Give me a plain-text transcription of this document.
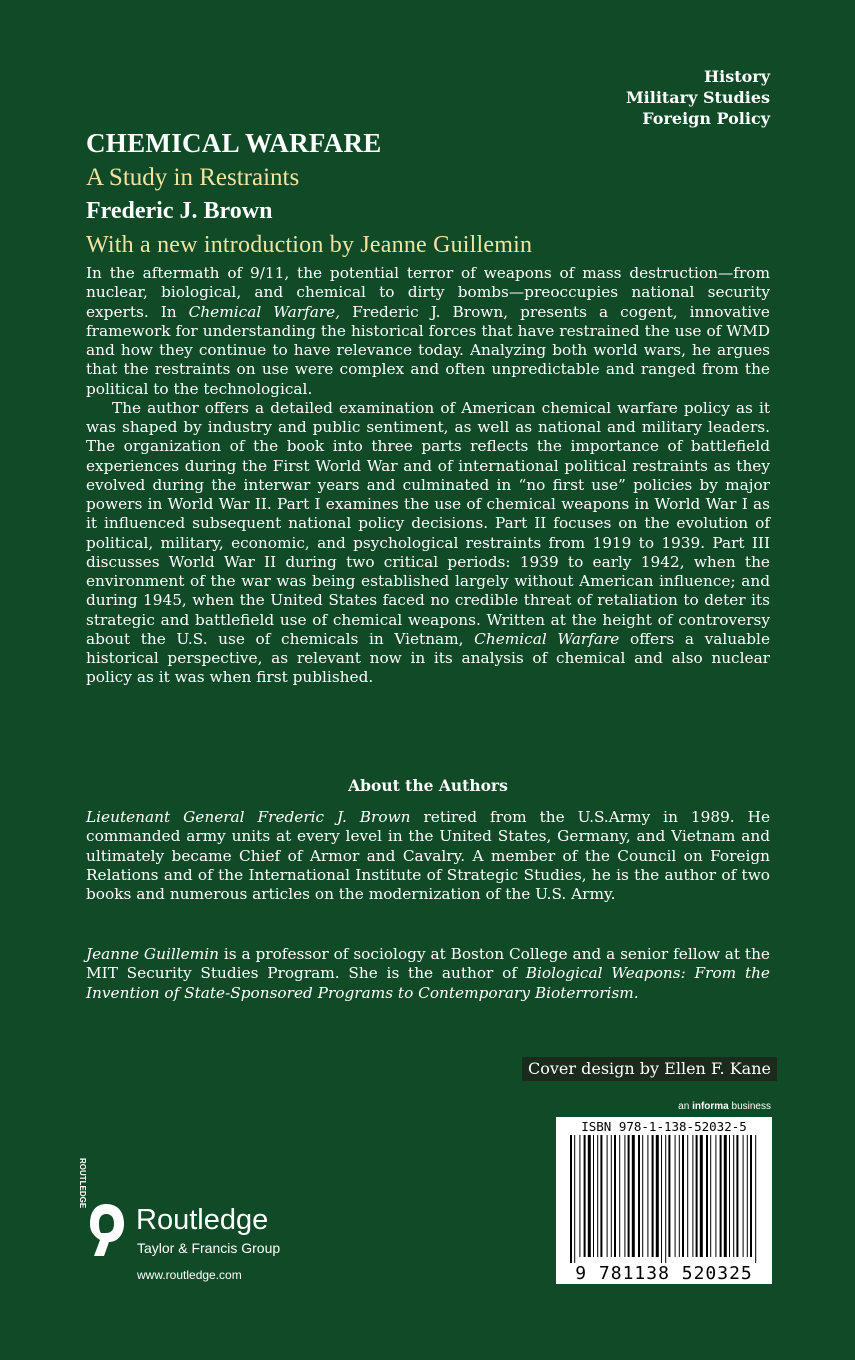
History
Military Studies
Foreign Policy
CHEMICAL WARFARE
A Study in Restraints
Frederic J. Brown
With a new introduction by Jeanne Guillemin

In the aftermath of 9/11, the potential terror of weapons of mass destruction—from nuclear, biological, and chemical to dirty bombs—preoccupies national security experts. In Chemical Warfare, Frederic J. Brown, presents a cogent, innovative framework for understanding the historical forces that have restrained the use of WMD and how they continue to have relevance today. Analyzing both world wars, he argues that the restraints on use were complex and often unpredictable and ranged from the political to the technological.

The author offers a detailed examination of American chemical warfare policy as it was shaped by industry and public sentiment, as well as national and military leaders. The organization of the book into three parts reflects the importance of battlefield experiences during the First World War and of international political restraints as they evolved during the interwar years and culminated in “no first use” policies by major powers in World War II. Part I examines the use of chemical weapons in World War I as it influenced subsequent national policy decisions. Part II focuses on the evolution of political, military, economic, and psychological restraints from 1919 to 1939. Part III discusses World War II during two critical periods: 1939 to early 1942, when the environment of the war was being established largely without American influence; and during 1945, when the United States faced no credible threat of retaliation to deter its strategic and battlefield use of chemical weapons. Written at the height of controversy about the U.S. use of chemicals in Vietnam, Chemical Warfare offers a valuable historical perspective, as relevant now in its analysis of chemical and also nuclear policy as it was when first published.

About the Authors

Lieutenant General Frederic J. Brown retired from the U.S.Army in 1989. He commanded army units at every level in the United States, Germany, and Vietnam and ultimately became Chief of Armor and Cavalry. A member of the Council on Foreign Relations and of the International Institute of Strategic Studies, he is the author of two books and numerous articles on the modernization of the U.S. Army.

Jeanne Guillemin is a professor of sociology at Boston College and a senior fellow at the MIT Security Studies Program. She is the author of Biological Weapons: From the Invention of State-Sponsored Programs to Contemporary Bioterrorism.

Cover design by Ellen F. Kane
an informa business
ISBN 978-1-138-52032-5
9 781138 520325
ROUTLEDGE
Routledge
Taylor & Francis Group
www.routledge.com
